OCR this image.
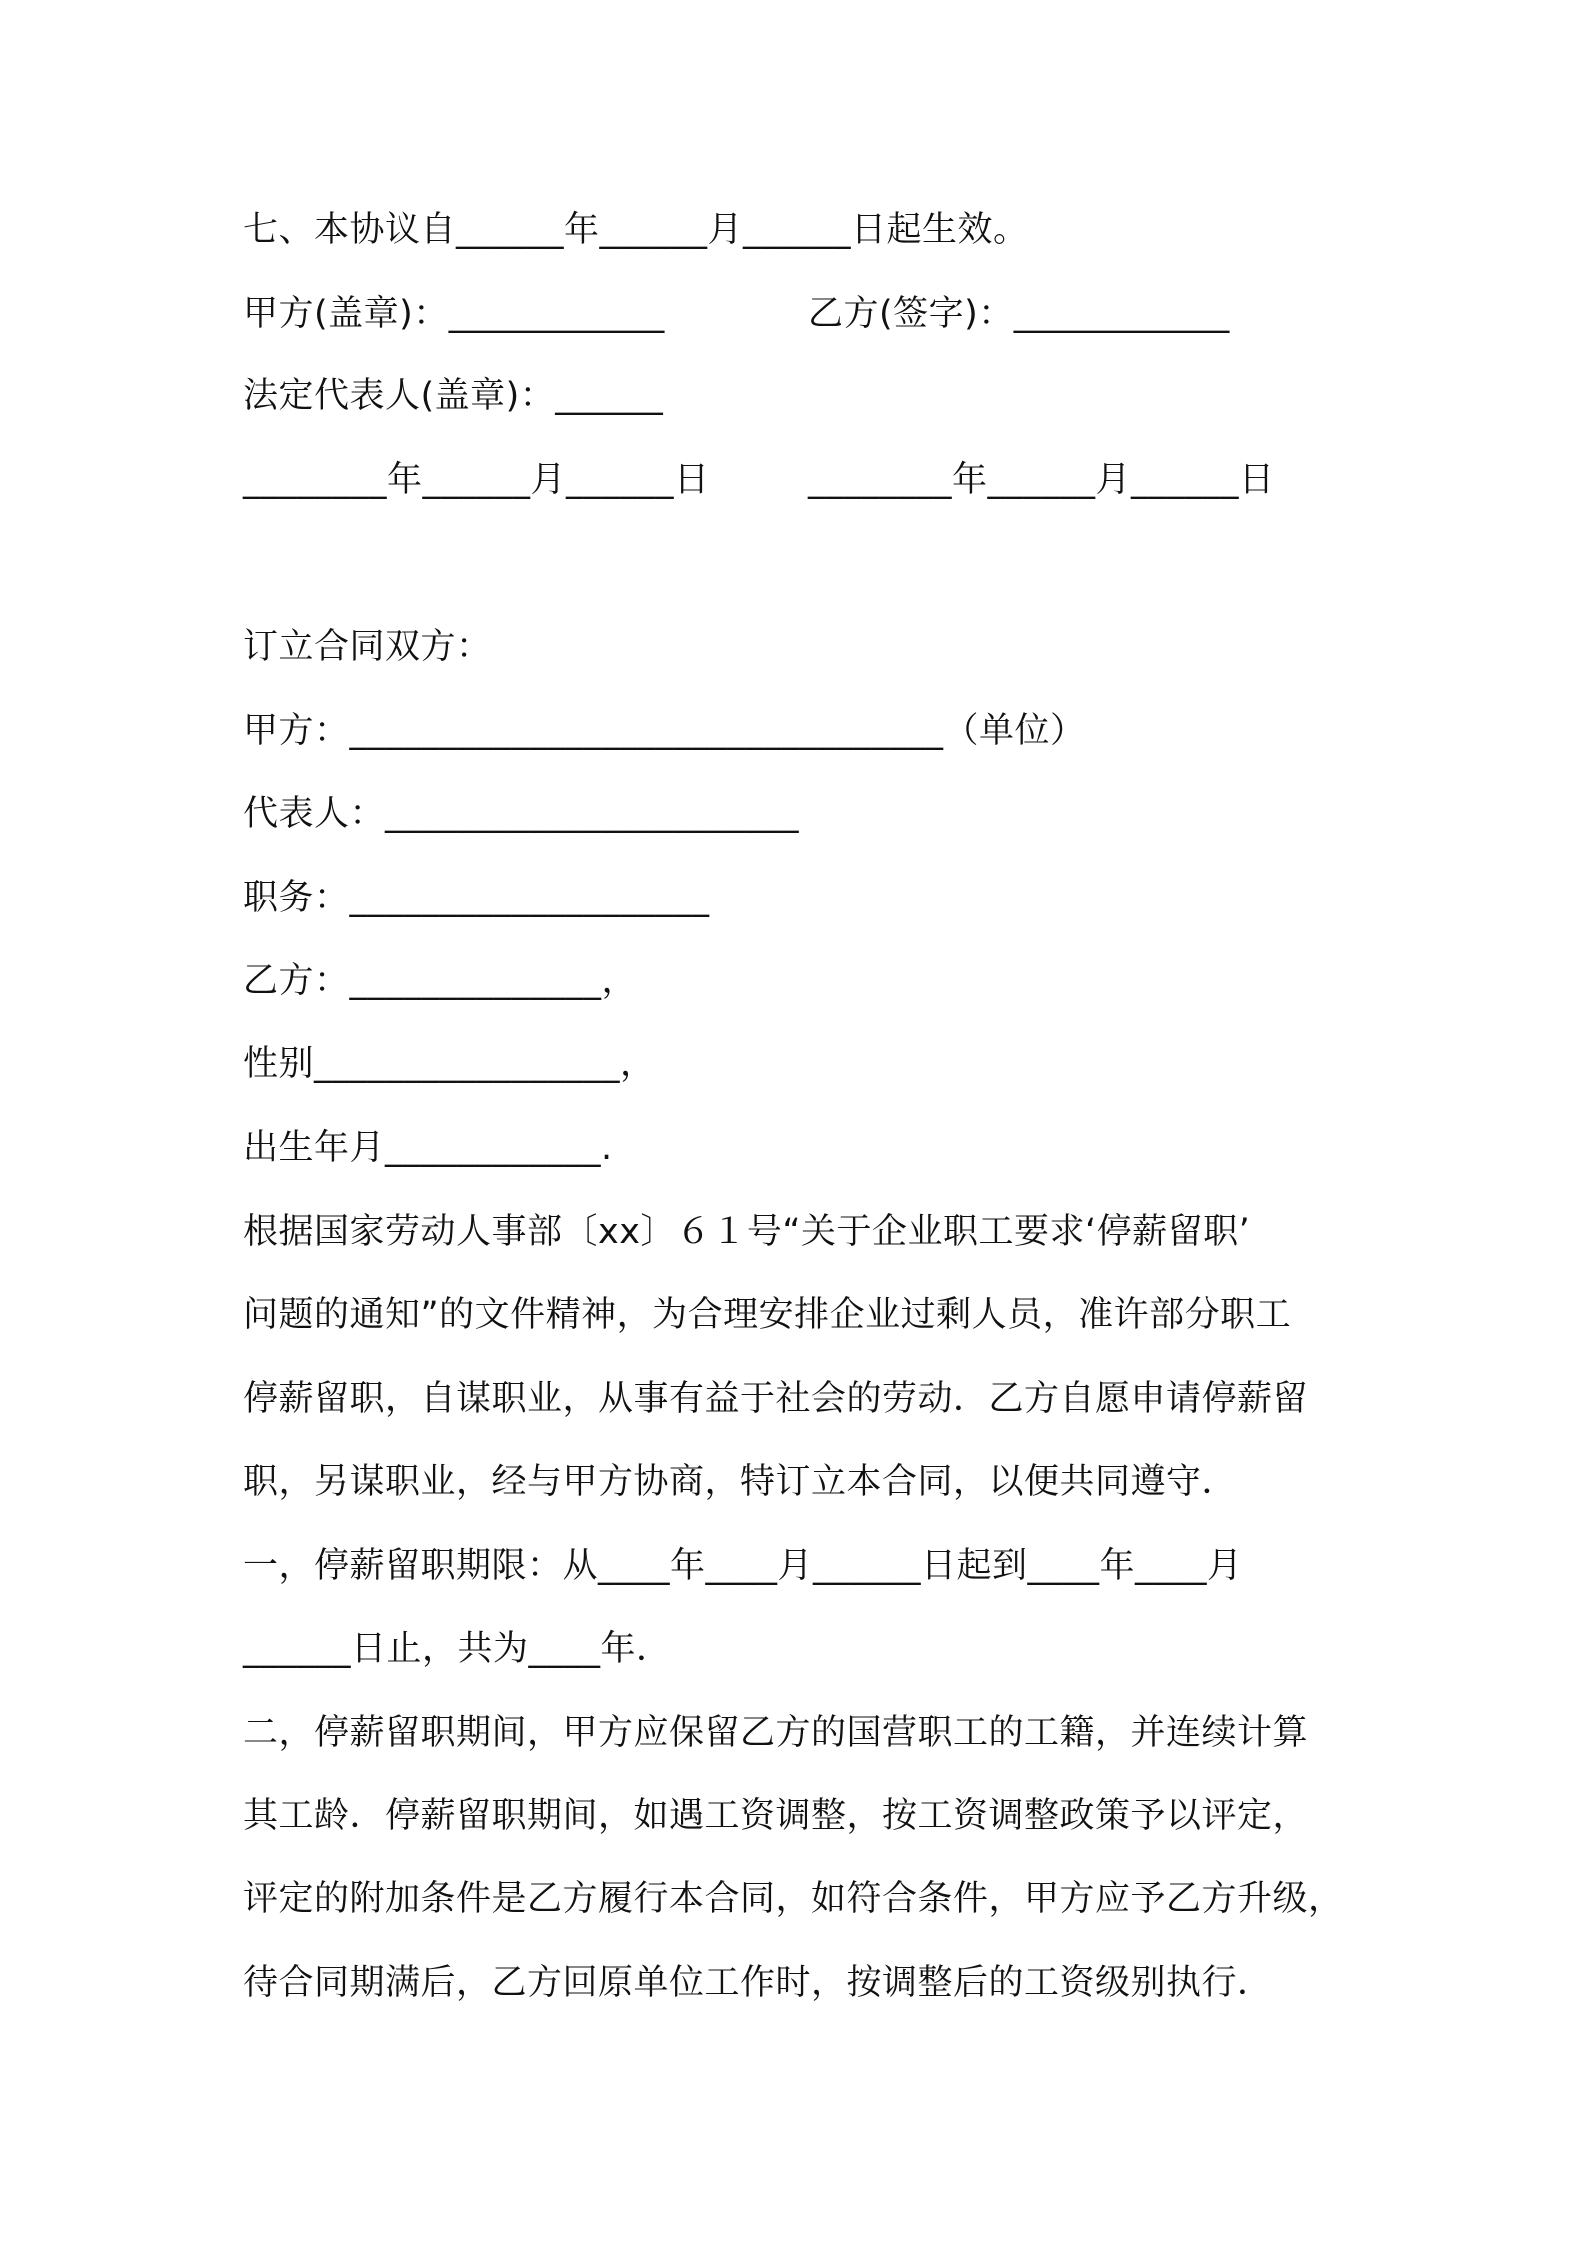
七、本协议自______年______月______日起生效。
甲方(盖章)：____________	乙方(签字)：____________
法定代表人(盖章)：______
________年______月______日	________年______月______日
订立合同双方：
甲方：_________________________________（单位）
代表人：_______________________
职务：____________________
乙方：______________，
性别_________________，
出生年月____________.
根据国家劳动人事部〔xx〕６１号“关于企业职工要求‘停薪留职’
问题的通知”的文件精神，为合理安排企业过剩人员，准许部分职工
停薪留职，自谋职业，从事有益于社会的劳动．乙方自愿申请停薪留
职，另谋职业，经与甲方协商，特订立本合同，以便共同遵守．
一，停薪留职期限：从____年____月______日起到____年____月
______日止，共为____年．
二，停薪留职期间，甲方应保留乙方的国营职工的工籍，并连续计算
其工龄．停薪留职期间，如遇工资调整，按工资调整政策予以评定，
评定的附加条件是乙方履行本合同，如符合条件，甲方应予乙方升级，
待合同期满后，乙方回原单位工作时，按调整后的工资级别执行．
